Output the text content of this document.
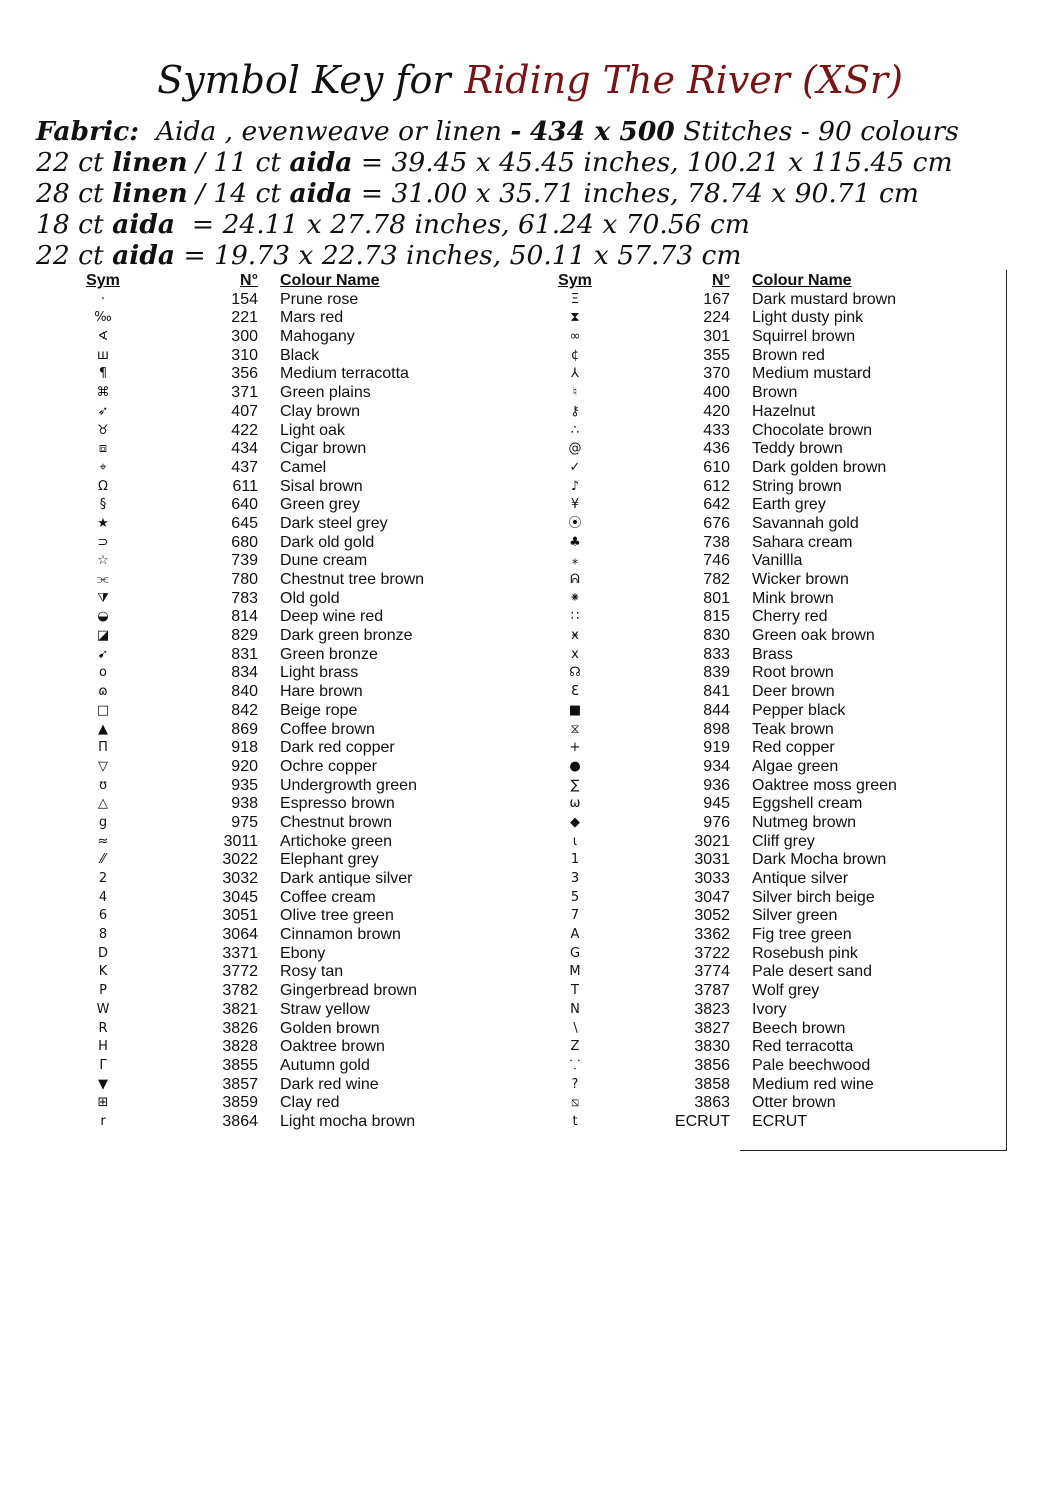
Symbol Key for Riding The River (XSr)
Fabric: Aida , evenweave or linen - 434 x 500 Stitches - 90 colours
22 ct linen / 11 ct aida = 39.45 x 45.45 inches, 100.21 x 115.45 cm
28 ct linen / 14 ct aida = 31.00 x 35.71 inches, 78.74 x 90.71 cm
18 ct aida = 24.11 x 27.78 inches, 61.24 x 70.56 cm
22 ct aida = 19.73 x 22.73 inches, 50.11 x 57.73 cm
Sym	N° Colour Name
·	154 Prune rose
‰	221 Mars red
∢	300 Mahogany
ш	310 Black
¶	356 Medium terracotta
⌘	371 Green plains
➶	407 Clay brown
♉	422 Light oak
⧈	434 Cigar brown
⌖	437 Camel
Ω	611 Sisal brown
§	640 Green grey
★	645 Dark steel grey
⊃	680 Dark old gold
☆	739 Dune cream
⫘	780 Chestnut tree brown
⧩	783 Old gold
◒	814 Deep wine red
◪	829 Dark green bronze
➹	831 Green bronze
o	834 Light brass
ɷ	840 Hare brown
□	842 Beige rope
▲	869 Coffee brown
Π	918 Dark red copper
▽	920 Ochre copper
ʊ	935 Undergrowth green
△	938 Espresso brown
g	975 Chestnut brown
≈	3011 Artichoke green
⁄⁄	3022 Elephant grey
2	3032 Dark antique silver
4	3045 Coffee cream
6	3051 Olive tree green
8	3064 Cinnamon brown
D	3371 Ebony
K	3772 Rosy tan
P	3782 Gingerbread brown
W	3821 Straw yellow
R	3826 Golden brown
H	3828 Oaktree brown
Γ	3855 Autumn gold
▼	3857 Dark red wine
⊞	3859 Clay red
r	3864 Light mocha brown
Sym	N° Colour Name
Ξ	167 Dark mustard brown
⧗	224 Light dusty pink
∞	301 Squirrel brown
¢	355 Brown red
⅄	370 Medium mustard
♮	400 Brown
⚷	420 Hazelnut
∴	433 Chocolate brown
@	436 Teddy brown
✓	610 Dark golden brown
♪	612 String brown
¥	642 Earth grey
⦿	676 Savannah gold
♣	738 Sahara cream
⁎	746 Vanillla
ᕱ	782 Wicker brown
⁕	801 Mink brown
∷	815 Cherry red
ӿ	830 Green oak brown
x	833 Brass
☊	839 Root brown
Ɛ	841 Deer brown
■	844 Pepper black
⧖	898 Teak brown
+	919 Red copper
●	934 Algae green
∑	936 Oaktree moss green
ω	945 Eggshell cream
◆	976 Nutmeg brown
ɩ	3021 Cliff grey
1	3031 Dark Mocha brown
3	3033 Antique silver
5	3047 Silver birch beige
7	3052 Silver green
A	3362 Fig tree green
G	3722 Rosebush pink
M	3774 Pale desert sand
T	3787 Wolf grey
N	3823 Ivory
∖	3827 Beech brown
Z	3830 Red terracotta
⸪	3856 Pale beechwood
?	3858 Medium red wine
⧅	3863 Otter brown
t	ECRUT ECRUT
